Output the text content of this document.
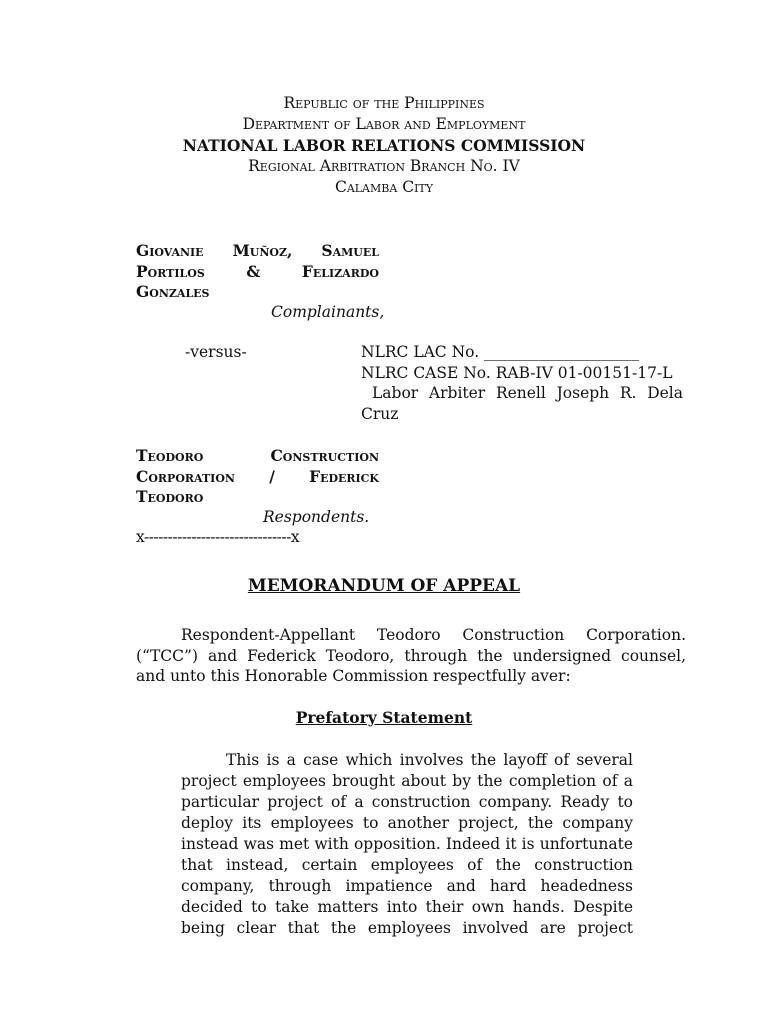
Republic of the Philippines
Department of Labor and Employment
NATIONAL LABOR RELATIONS COMMISSION
Regional Arbitration Branch No. IV
Calamba City
Giovanie Muñoz, Samuel
Portilos	&	Felizardo
Gonzales
Complainants,
-versus-	NLRC LAC No. ____________________
NLRC CASE No. RAB-IV 01-00151-17-L
Labor Arbiter Renell Joseph R. Dela
Cruz
Teodoro	Construction
Corporation / Federick
Teodoro
Respondents.
x-------------------------------x
MEMORANDUM OF APPEAL
Respondent-Appellant Teodoro Construction Corporation.
(“TCC”) and Federick Teodoro, through the undersigned counsel,
and unto this Honorable Commission respectfully aver:
Prefatory Statement
This is a case which involves the layoff of several
project employees brought about by the completion of a
particular project of a construction company. Ready to
deploy its employees to another project, the company
instead was met with opposition. Indeed it is unfortunate
that instead, certain employees of the construction
company, through impatience and hard headedness
decided to take matters into their own hands. Despite
being clear that the employees involved are project
